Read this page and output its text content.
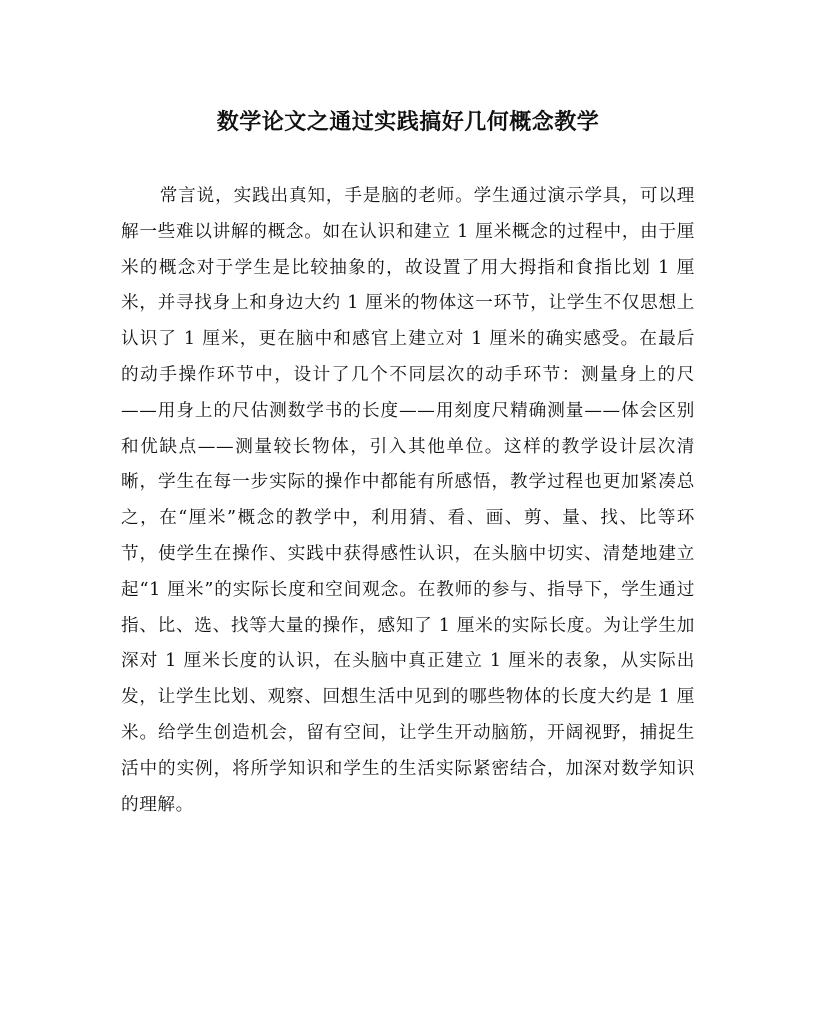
数学论文之通过实践搞好几何概念教学

常言说，实践出真知，手是脑的老师。学生通过演示学具，可以理解一些难以讲解的概念。如在认识和建立 1 厘米概念的过程中，由于厘米的概念对于学生是比较抽象的，故设置了用大拇指和食指比划 1 厘米，并寻找身上和身边大约 1 厘米的物体这一环节，让学生不仅思想上认识了 1 厘米，更在脑中和感官上建立对 1 厘米的确实感受。在最后的动手操作环节中，设计了几个不同层次的动手环节：测量身上的尺——用身上的尺估测数学书的长度——用刻度尺精确测量——体会区别和优缺点——测量较长物体，引入其他单位。这样的教学设计层次清晰，学生在每一步实际的操作中都能有所感悟，教学过程也更加紧凑总之，在“厘米”概念的教学中，利用猜、看、画、剪、量、找、比等环节，使学生在操作、实践中获得感性认识，在头脑中切实、清楚地建立起“1 厘米”的实际长度和空间观念。在教师的参与、指导下，学生通过指、比、选、找等大量的操作，感知了 1 厘米的实际长度。为让学生加深对 1 厘米长度的认识，在头脑中真正建立 1 厘米的表象，从实际出发，让学生比划、观察、回想生活中见到的哪些物体的长度大约是 1 厘米。给学生创造机会，留有空间，让学生开动脑筋，开阔视野，捕捉生活中的实例，将所学知识和学生的生活实际紧密结合，加深对数学知识的理解。
